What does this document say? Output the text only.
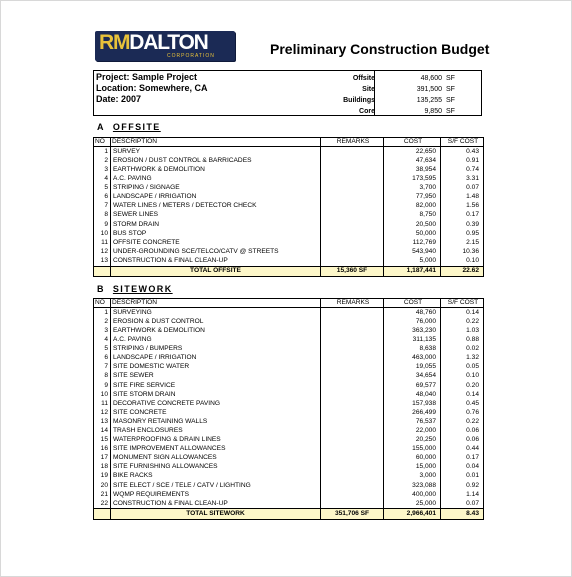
RMDALTON
CORPORATION	Preliminary Construction Budget
Project: Sample Project
Location: Somewhere, CA
Date: 2007
Offsite	48,600 SF
Site	391,500 SF
Buildings	135,255 SF
Core	9,850 SF
A OFFSITE
NO	DESCRIPTION	REMARKS	COST	S/F COST
1	SURVEY		22,650	0.43
2	EROSION / DUST CONTROL & BARRICADES		47,634	0.91
3	EARTHWORK & DEMOLITION		38,954	0.74
4	A.C. PAVING		173,595	3.31
5	STRIPING / SIGNAGE		3,700	0.07
6	LANDSCAPE / IRRIGATION		77,950	1.48
7	WATER LINES / METERS / DETECTOR CHECK		82,000	1.56
8	SEWER LINES		8,750	0.17
9	STORM DRAIN		20,500	0.39
10	BUS STOP		50,000	0.95
11	OFFSITE CONCRETE		112,769	2.15
12	UNDER-GROUNDING SCE/TELCO/CATV @ STREETS		543,940	10.36
13	CONSTRUCTION & FINAL CLEAN-UP		5,000	0.10
	TOTAL OFFSITE	15,360 SF	1,187,441	22.62
B SITEWORK
NO	DESCRIPTION	REMARKS	COST	S/F COST
1	SURVEYING		48,760	0.14
2	EROSION & DUST CONTROL		76,000	0.22
3	EARTHWORK & DEMOLITION		363,230	1.03
4	A.C. PAVING		311,135	0.88
5	STRIPING / BUMPERS		8,638	0.02
6	LANDSCAPE / IRRIGATION		463,000	1.32
7	SITE DOMESTIC WATER		19,055	0.05
8	SITE SEWER		34,654	0.10
9	SITE FIRE SERVICE		69,577	0.20
10	SITE STORM DRAIN		48,040	0.14
11	DECORATIVE CONCRETE PAVING		157,938	0.45
12	SITE CONCRETE		266,499	0.76
13	MASONRY RETAINING WALLS		76,537	0.22
14	TRASH ENCLOSURES		22,000	0.06
15	WATERPROOFING & DRAIN LINES		20,250	0.06
16	SITE IMPROVEMENT ALLOWANCES		155,000	0.44
17	MONUMENT SIGN ALLOWANCES		60,000	0.17
18	SITE FURNISHING ALLOWANCES		15,000	0.04
19	BIKE RACKS		3,000	0.01
20	SITE ELECT / SCE / TELE / CATV / LIGHTING		323,088	0.92
21	WQMP REQUIREMENTS		400,000	1.14
22	CONSTRUCTION & FINAL CLEAN-UP		25,000	0.07
	TOTAL SITEWORK	351,706 SF	2,966,401	8.43
